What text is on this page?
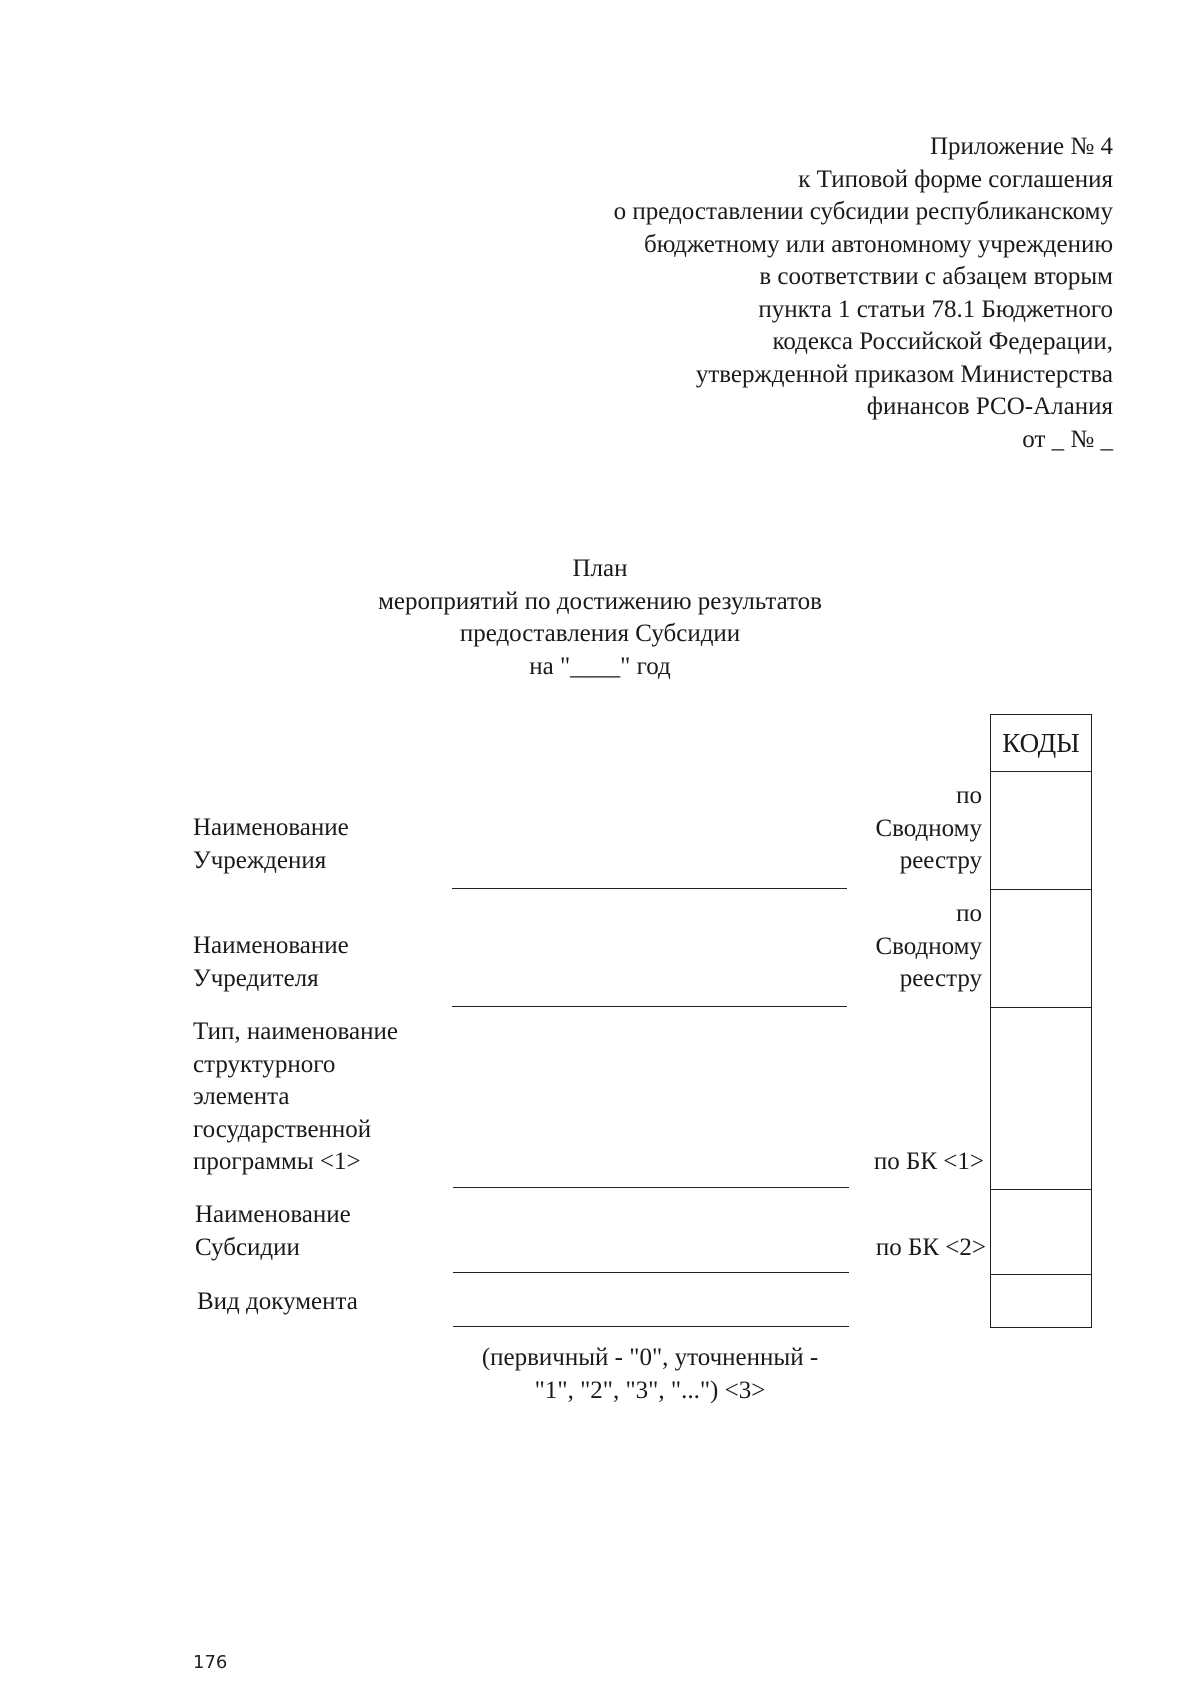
Приложение № 4
к Типовой форме соглашения
о предоставлении субсидии республиканскому
бюджетному или автономному учреждению
в соответствии с абзацем вторым
пункта 1 статьи 78.1 Бюджетного
кодекса Российской Федерации,
утвержденной приказом Министерства
финансов РСО-Алания
от _ № _
План
мероприятий по достижению результатов
предоставления Субсидии
на "____" год
КОДЫ
Наименование
Учреждения
по
Сводному
реестру
Наименование
Учредителя
по
Сводному
реестру
Тип, наименование
структурного
элемента
государственной
программы <1>	по БК <1>
Наименование
Субсидии	по БК <2>
Вид документа
(первичный - "0", уточненный -
"1", "2", "3", "...") <3>
176
